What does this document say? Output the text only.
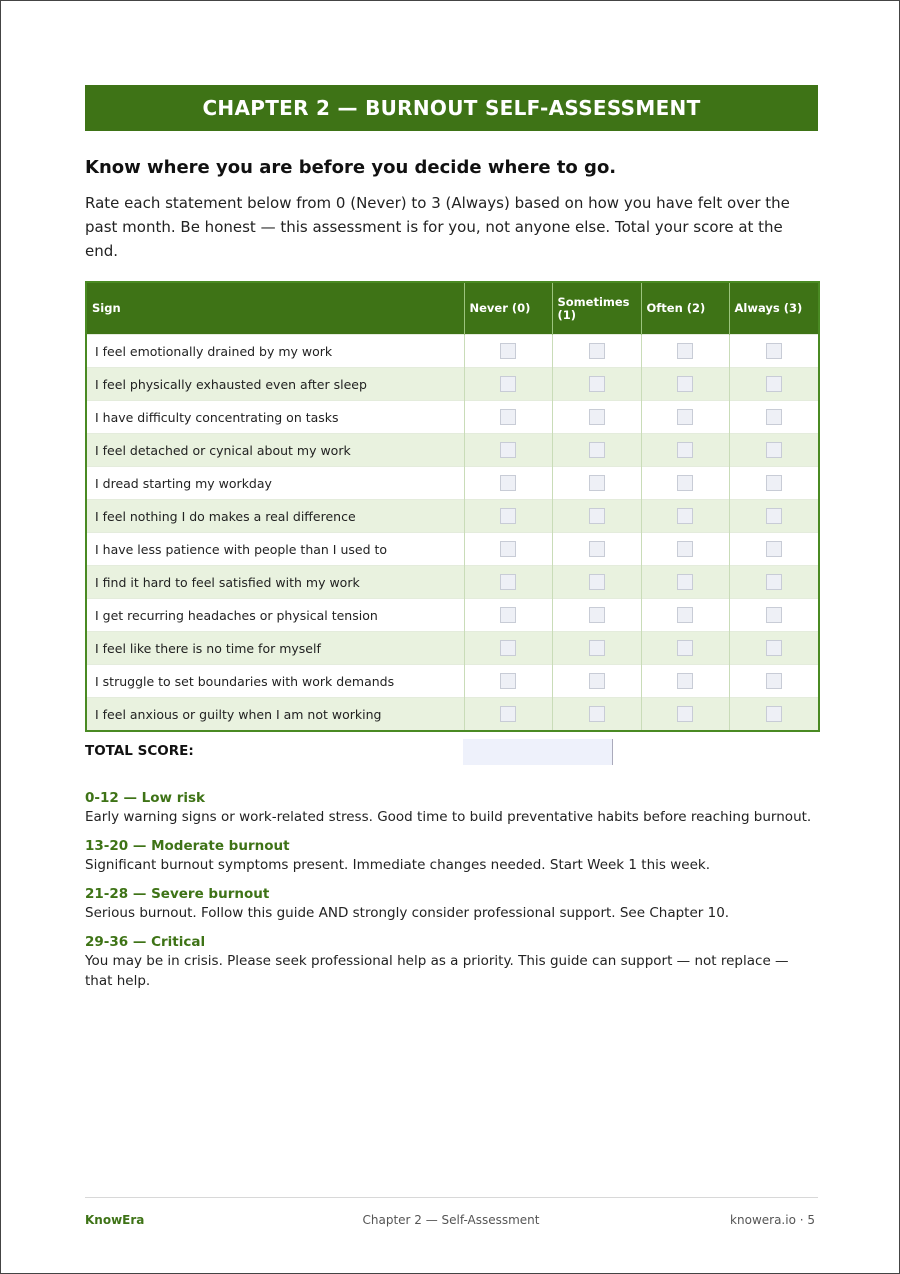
CHAPTER 2 — BURNOUT SELF-ASSESSMENT
Know where you are before you decide where to go.
Rate each statement below from 0 (Never) to 3 (Always) based on how you have felt over the past month. Be honest — this assessment is for you, not anyone else. Total your score at the end.
Sign	Never (0)	Sometimes (1)	Often (2)	Always (3)
I feel emotionally drained by my work				
I feel physically exhausted even after sleep				
I have difficulty concentrating on tasks				
I feel detached or cynical about my work				
I dread starting my workday				
I feel nothing I do makes a real difference				
I have less patience with people than I used to				
I find it hard to feel satisfied with my work				
I get recurring headaches or physical tension				
I feel like there is no time for myself				
I struggle to set boundaries with work demands				
I feel anxious or guilty when I am not working				
TOTAL SCORE:
0-12 — Low risk
Early warning signs or work-related stress. Good time to build preventative habits before reaching burnout.
13-20 — Moderate burnout
Significant burnout symptoms present. Immediate changes needed. Start Week 1 this week.
21-28 — Severe burnout
Serious burnout. Follow this guide AND strongly consider professional support. See Chapter 10.
29-36 — Critical
You may be in crisis. Please seek professional help as a priority. This guide can support — not replace — that help.
KnowEra	Chapter 2 — Self-Assessment	knowera.io · 5
